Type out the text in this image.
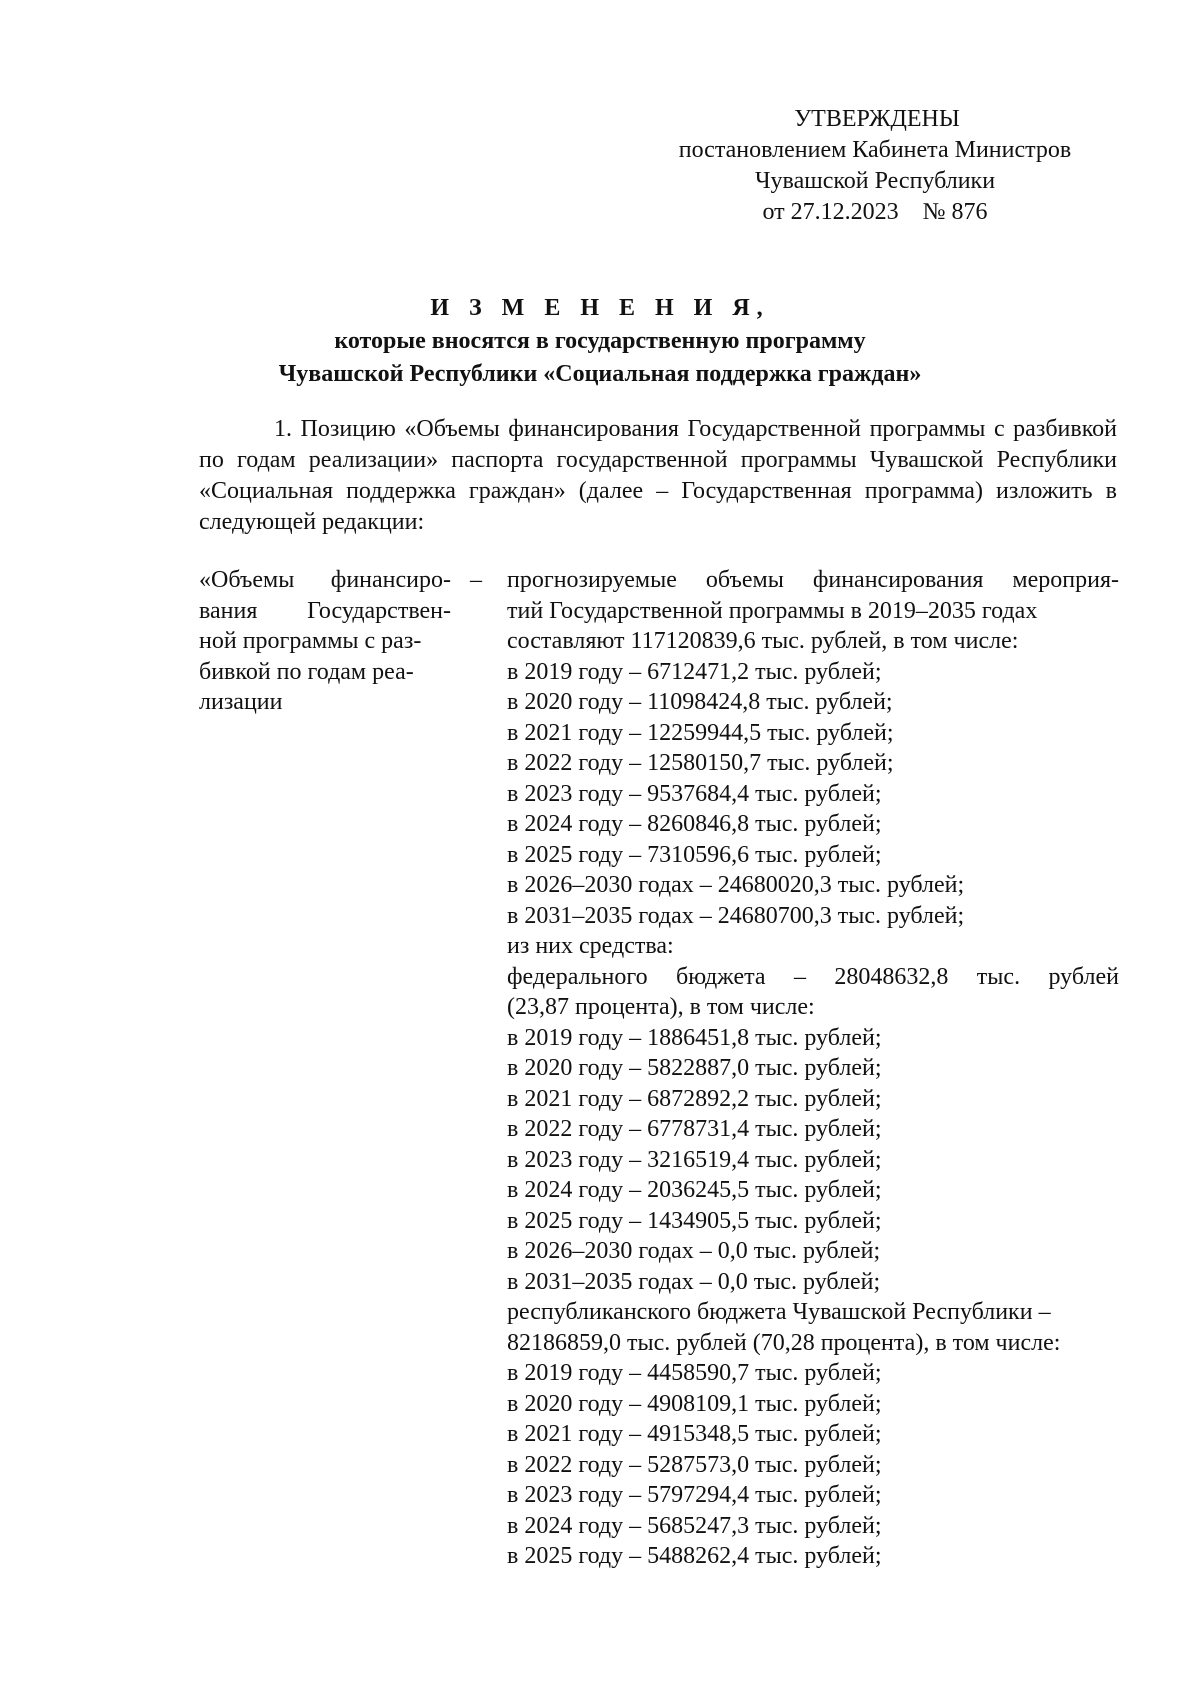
УТВЕРЖДЕНЫ
постановлением Кабинета Министров
Чувашской Республики
от 27.12.2023    № 876
И З М Е Н Е Н И Я,
которые вносятся в государственную программу
Чувашской Республики «Социальная поддержка граждан»
1. Позицию «Объемы финансирования Государственной программы с разбивкой по годам реализации» паспорта государственной программы Чувашской Республики «Социальная поддержка граждан» (далее – Государственная программа) изложить в следующей редакции:
«Объемы финансиро-
вания Государствен-
ной программы с раз-
бивкой по годам реа-
лизации
– прогнозируемые объемы финансирования мероприя-
тий Государственной программы в 2019–2035 годах
составляют 117120839,6 тыс. рублей, в том числе:
в 2019 году – 6712471,2 тыс. рублей;
в 2020 году – 11098424,8 тыс. рублей;
в 2021 году – 12259944,5 тыс. рублей;
в 2022 году – 12580150,7 тыс. рублей;
в 2023 году – 9537684,4 тыс. рублей;
в 2024 году – 8260846,8 тыс. рублей;
в 2025 году – 7310596,6 тыс. рублей;
в 2026–2030 годах – 24680020,3 тыс. рублей;
в 2031–2035 годах – 24680700,3 тыс. рублей;
из них средства:
федерального бюджета – 28048632,8 тыс. рублей
(23,87 процента), в том числе:
в 2019 году – 1886451,8 тыс. рублей;
в 2020 году – 5822887,0 тыс. рублей;
в 2021 году – 6872892,2 тыс. рублей;
в 2022 году – 6778731,4 тыс. рублей;
в 2023 году – 3216519,4 тыс. рублей;
в 2024 году – 2036245,5 тыс. рублей;
в 2025 году – 1434905,5 тыс. рублей;
в 2026–2030 годах – 0,0 тыс. рублей;
в 2031–2035 годах – 0,0 тыс. рублей;
республиканского бюджета Чувашской Республики –
82186859,0 тыс. рублей (70,28 процента), в том числе:
в 2019 году – 4458590,7 тыс. рублей;
в 2020 году – 4908109,1 тыс. рублей;
в 2021 году – 4915348,5 тыс. рублей;
в 2022 году – 5287573,0 тыс. рублей;
в 2023 году – 5797294,4 тыс. рублей;
в 2024 году – 5685247,3 тыс. рублей;
в 2025 году – 5488262,4 тыс. рублей;
